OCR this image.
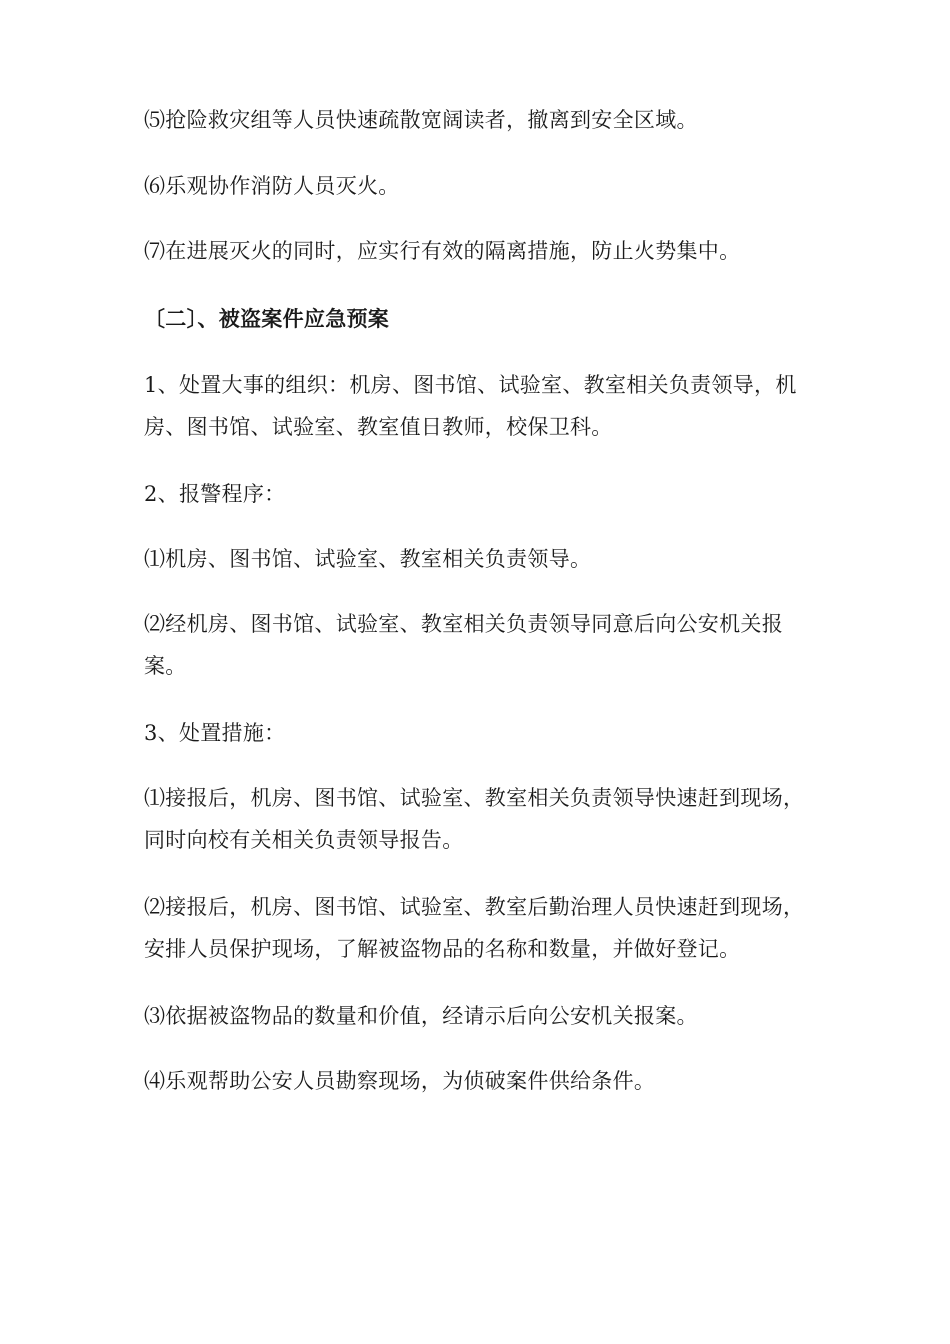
⑸抢险救灾组等人员快速疏散宽阔读者，撤离到安全区域。

⑹乐观协作消防人员灭火。

⑺在进展灭火的同时，应实行有效的隔离措施，防止火势集中。

〔二〕、被盗案件应急预案

1、处置大事的组织：机房、图书馆、试验室、教室相关负责领导，机房、图书馆、试验室、教室值日教师，校保卫科。

2、报警程序：

⑴机房、图书馆、试验室、教室相关负责领导。

⑵经机房、图书馆、试验室、教室相关负责领导同意后向公安机关报案。

3、处置措施：

⑴接报后，机房、图书馆、试验室、教室相关负责领导快速赶到现场，同时向校有关相关负责领导报告。

⑵接报后，机房、图书馆、试验室、教室后勤治理人员快速赶到现场，安排人员保护现场，了解被盗物品的名称和数量，并做好登记。

⑶依据被盗物品的数量和价值，经请示后向公安机关报案。

⑷乐观帮助公安人员勘察现场，为侦破案件供给条件。
